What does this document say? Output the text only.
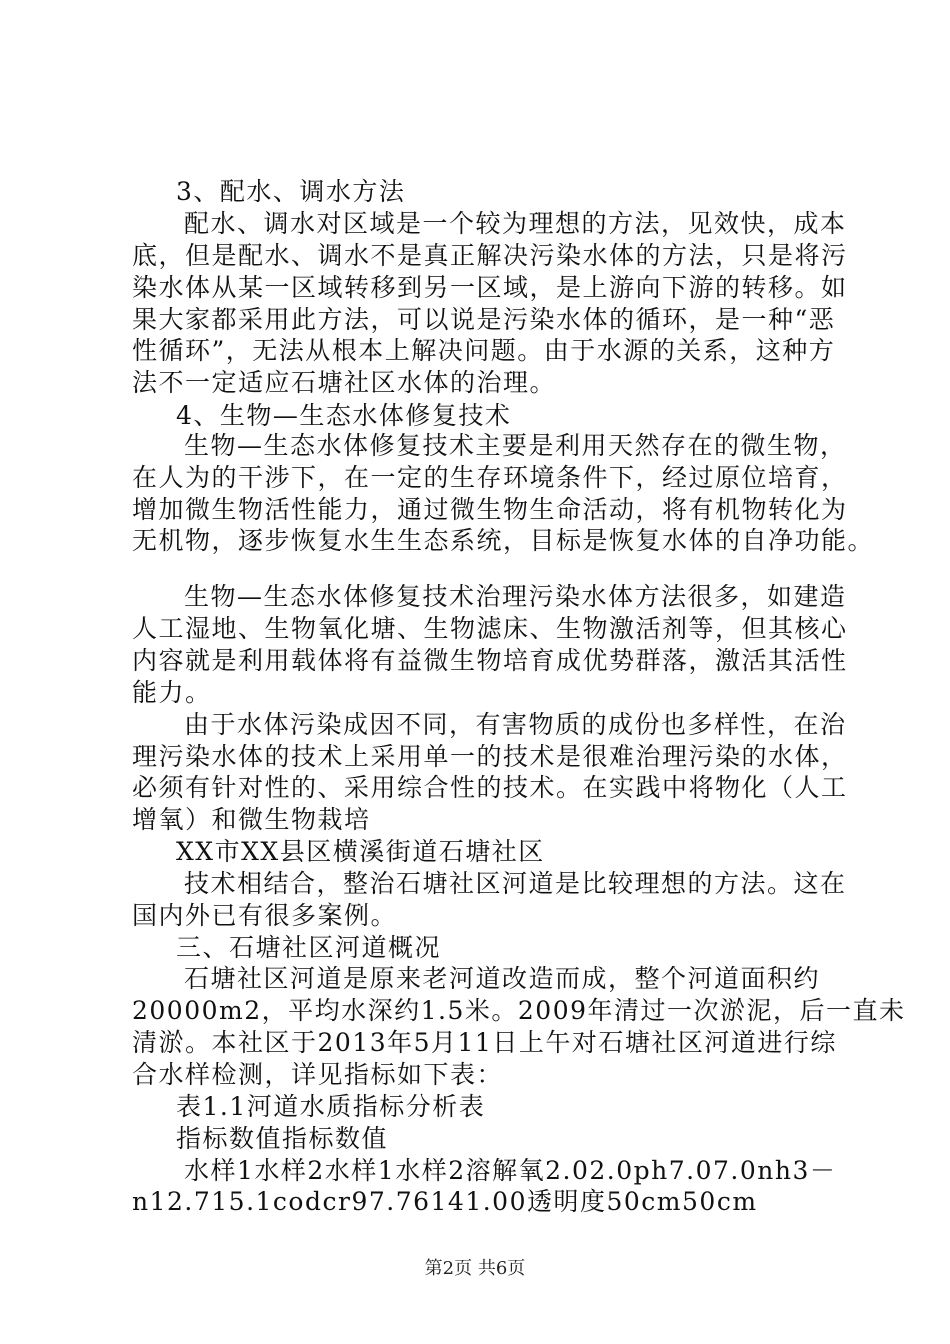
3、配水、调水方法
配水、调水对区域是一个较为理想的方法，见效快，成本
底，但是配水、调水不是真正解决污染水体的方法，只是将污
染水体从某一区域转移到另一区域，是上游向下游的转移。如
果大家都采用此方法，可以说是污染水体的循环，是一种“恶
性循环”，无法从根本上解决问题。由于水源的关系，这种方
法不一定适应石塘社区水体的治理。
4、生物—生态水体修复技术
生物—生态水体修复技术主要是利用天然存在的微生物，
在人为的干涉下，在一定的生存环境条件下，经过原位培育，
增加微生物活性能力，通过微生物生命活动，将有机物转化为
无机物，逐步恢复水生生态系统，目标是恢复水体的自净功能。
生物—生态水体修复技术治理污染水体方法很多，如建造
人工湿地、生物氧化塘、生物滤床、生物激活剂等，但其核心
内容就是利用载体将有益微生物培育成优势群落，激活其活性
能力。
由于水体污染成因不同，有害物质的成份也多样性，在治
理污染水体的技术上采用单一的技术是很难治理污染的水体，
必须有针对性的、采用综合性的技术。在实践中将物化（人工
增氧）和微生物栽培
XX市XX县区横溪街道石塘社区
技术相结合，整治石塘社区河道是比较理想的方法。这在
国内外已有很多案例。
三、石塘社区河道概况
石塘社区河道是原来老河道改造而成，整个河道面积约
20000m2，平均水深约1.5米。2009年清过一次淤泥，后一直未
清淤。本社区于2013年5月11日上午对石塘社区河道进行综
合水样检测，详见指标如下表：
表1.1河道水质指标分析表
指标数值指标数值
水样1水样2水样1水样2溶解氧2.02.0ph7.07.0nh3－
n12.715.1codcr97.76141.00透明度50cm50cm
第2页 共6页
